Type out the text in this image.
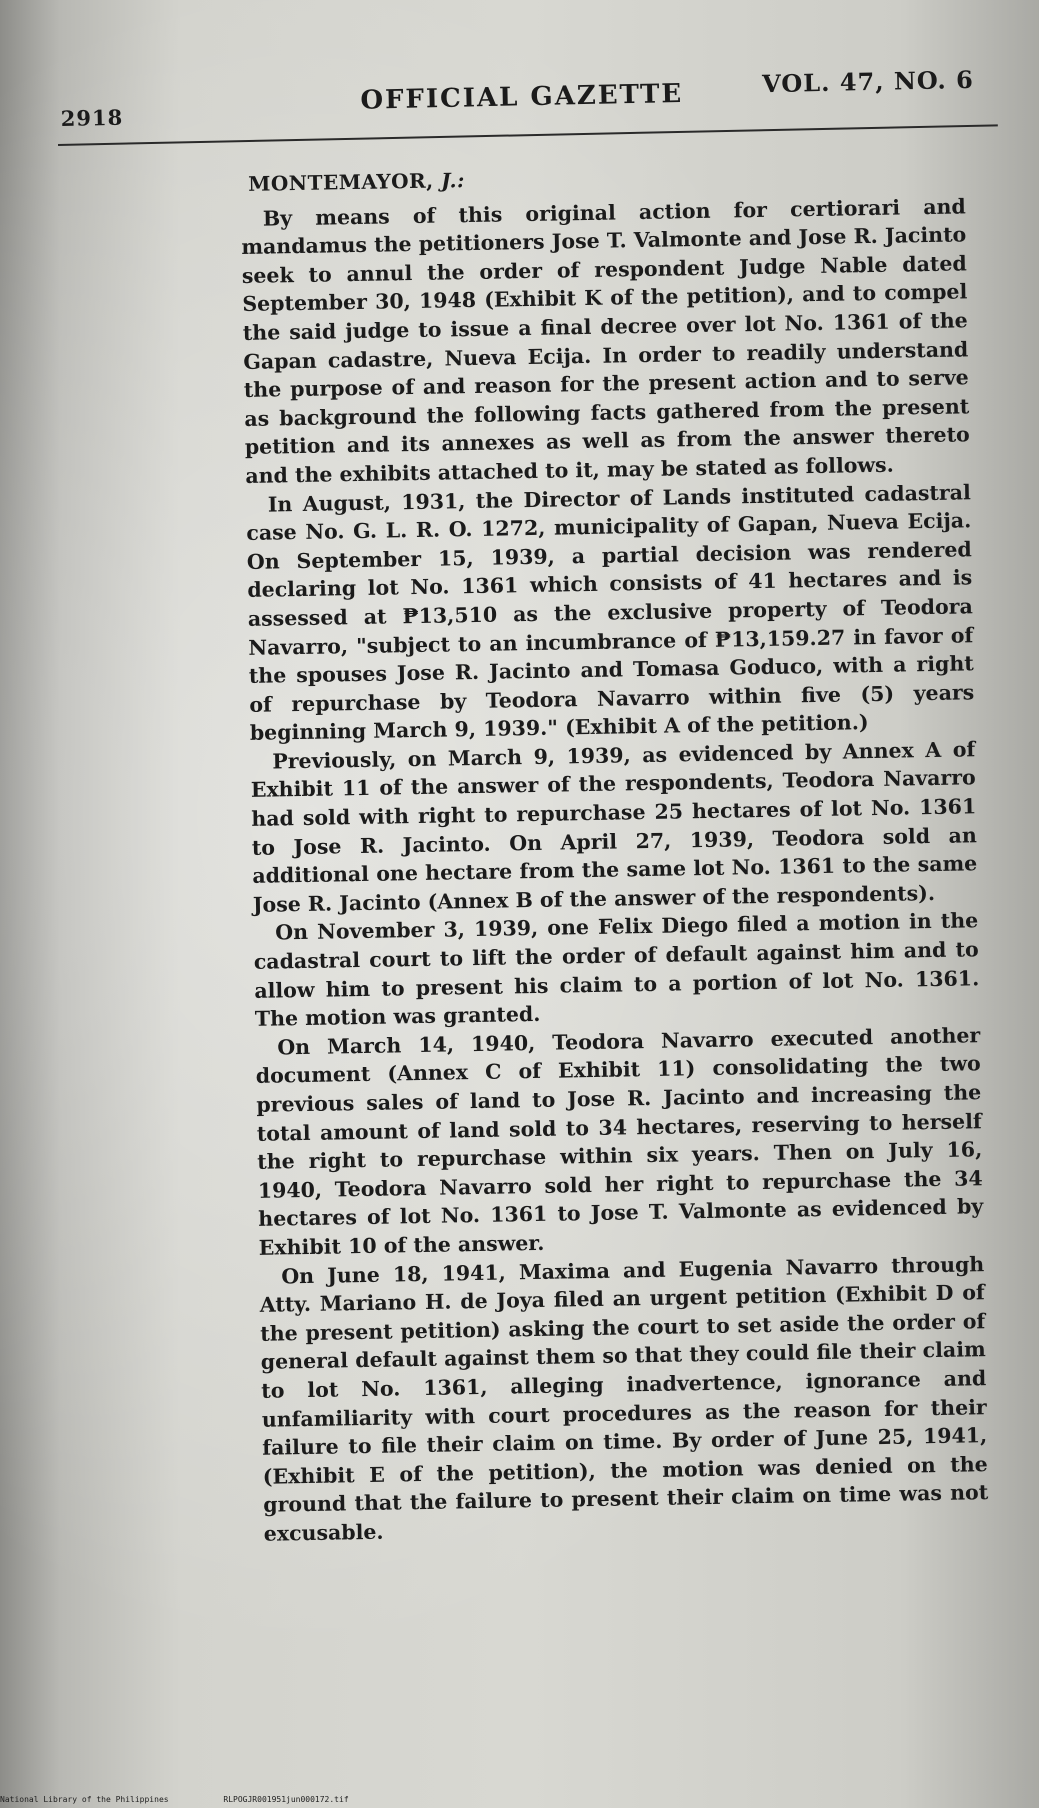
2918
OFFICIAL GAZETTE	VOL. 47, NO. 6

MONTEMAYOR, J.:

By means of this original action for certiorari and mandamus the petitioners Jose T. Valmonte and Jose R. Jacinto seek to annul the order of respondent Judge Nable dated September 30, 1948 (Exhibit K of the petition), and to compel the said judge to issue a final decree over lot No. 1361 of the Gapan cadastre, Nueva Ecija. In order to readily understand the purpose of and reason for the present action and to serve as background the following facts gathered from the present petition and its annexes as well as from the answer thereto and the exhibits attached to it, may be stated as follows.

In August, 1931, the Director of Lands instituted cadastral case No. G. L. R. O. 1272, municipality of Gapan, Nueva Ecija. On September 15, 1939, a partial decision was rendered declaring lot No. 1361 which consists of 41 hectares and is assessed at ₱13,510 as the exclusive property of Teodora Navarro, "subject to an incumbrance of ₱13,159.27 in favor of the spouses Jose R. Jacinto and Tomasa Goduco, with a right of repurchase by Teodora Navarro within five (5) years beginning March 9, 1939." (Exhibit A of the petition.)

Previously, on March 9, 1939, as evidenced by Annex A of Exhibit 11 of the answer of the respondents, Teodora Navarro had sold with right to repurchase 25 hectares of lot No. 1361 to Jose R. Jacinto. On April 27, 1939, Teodora sold an additional one hectare from the same lot No. 1361 to the same Jose R. Jacinto (Annex B of the answer of the respondents).

On November 3, 1939, one Felix Diego filed a motion in the cadastral court to lift the order of default against him and to allow him to present his claim to a portion of lot No. 1361. The motion was granted.

On March 14, 1940, Teodora Navarro executed another document (Annex C of Exhibit 11) consolidating the two previous sales of land to Jose R. Jacinto and increasing the total amount of land sold to 34 hectares, reserving to herself the right to repurchase within six years. Then on July 16, 1940, Teodora Navarro sold her right to repurchase the 34 hectares of lot No. 1361 to Jose T. Valmonte as evidenced by Exhibit 10 of the answer.

On June 18, 1941, Maxima and Eugenia Navarro through Atty. Mariano H. de Joya filed an urgent petition (Exhibit D of the present petition) asking the court to set aside the order of general default against them so that they could file their claim to lot No. 1361, alleging inadvertence, ignorance and unfamiliarity with court procedures as the reason for their failure to file their claim on time. By order of June 25, 1941, (Exhibit E of the petition), the motion was denied on the ground that the failure to present their claim on time was not excusable.

National Library of the Philippines	RLPOGJR001951jun000172.tif
